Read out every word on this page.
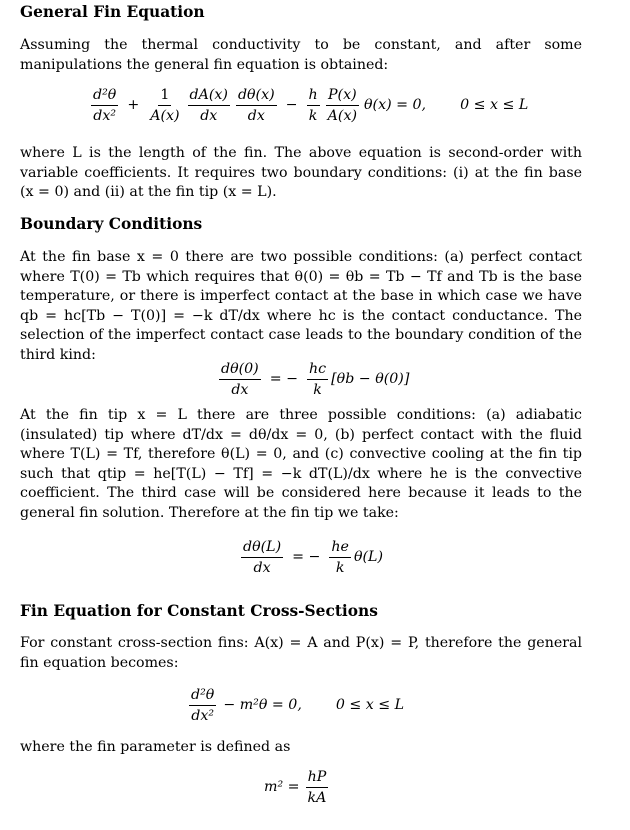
General Fin Equation

Assuming the thermal conductivity to be constant, and after some manipulations the general fin equation is obtained:

$\frac{\text{d²θ}}{\text{dx²}} + \frac{1}{A(x)} \frac{dA(x)}{dx} \frac{d\theta(x)}{dx} - \frac{h}{k} \frac{P(x)}{A(x)} \theta(x) = 0$, 0 ≤ x ≤ L

where L is the length of the fin. The above equation is second-order with variable coefficients. It requires two boundary conditions: (i) at the fin base (x = 0) and (ii) at the fin tip (x = L).

Boundary Conditions

At the fin base x = 0 there are two possible conditions: (a) perfect contact where T(0) = Tb which requires that θ(0) = θb = Tb − Tf and Tb is the base temperature, or there is imperfect contact at the base in which case we have qb = hc[Tb − T(0)] = −k dT/dx where hc is the contact conductance. The selection of the imperfect contact case leads to the boundary condition of the third kind:

$\frac{d\theta(0)}{dx}$ = − $\frac{hc}{k} [\theta b - \theta(0)]$

At the fin tip x = L there are three possible conditions: (a) adiabatic (insulated) tip where dT/dx = dθ/dx = 0, (b) perfect contact with the fluid where T(L) = Tf, therefore θ(L) = 0, and (c) convective cooling at the fin tip such that qtip = he[T(L) − Tf] = −k dT(L)/dx where he is the convective coefficient. The third case will be considered here because it leads to the general fin solution. Therefore at the fin tip we take:

$\frac{d\theta(L)}{dx}$ = − $\frac{he}{k} \theta(L)$
Fin Equation for Constant Cross-Sections

For constant cross-section fins: A(x) = A and P(x) = P, therefore the general fin equation becomes:

$\frac{\text{d²θ}}{\text{dx²}} - m^2\theta = 0$, 0 ≤ x ≤ L

where the fin parameter is defined as

$m^2 = \frac{hP}{kA}$
